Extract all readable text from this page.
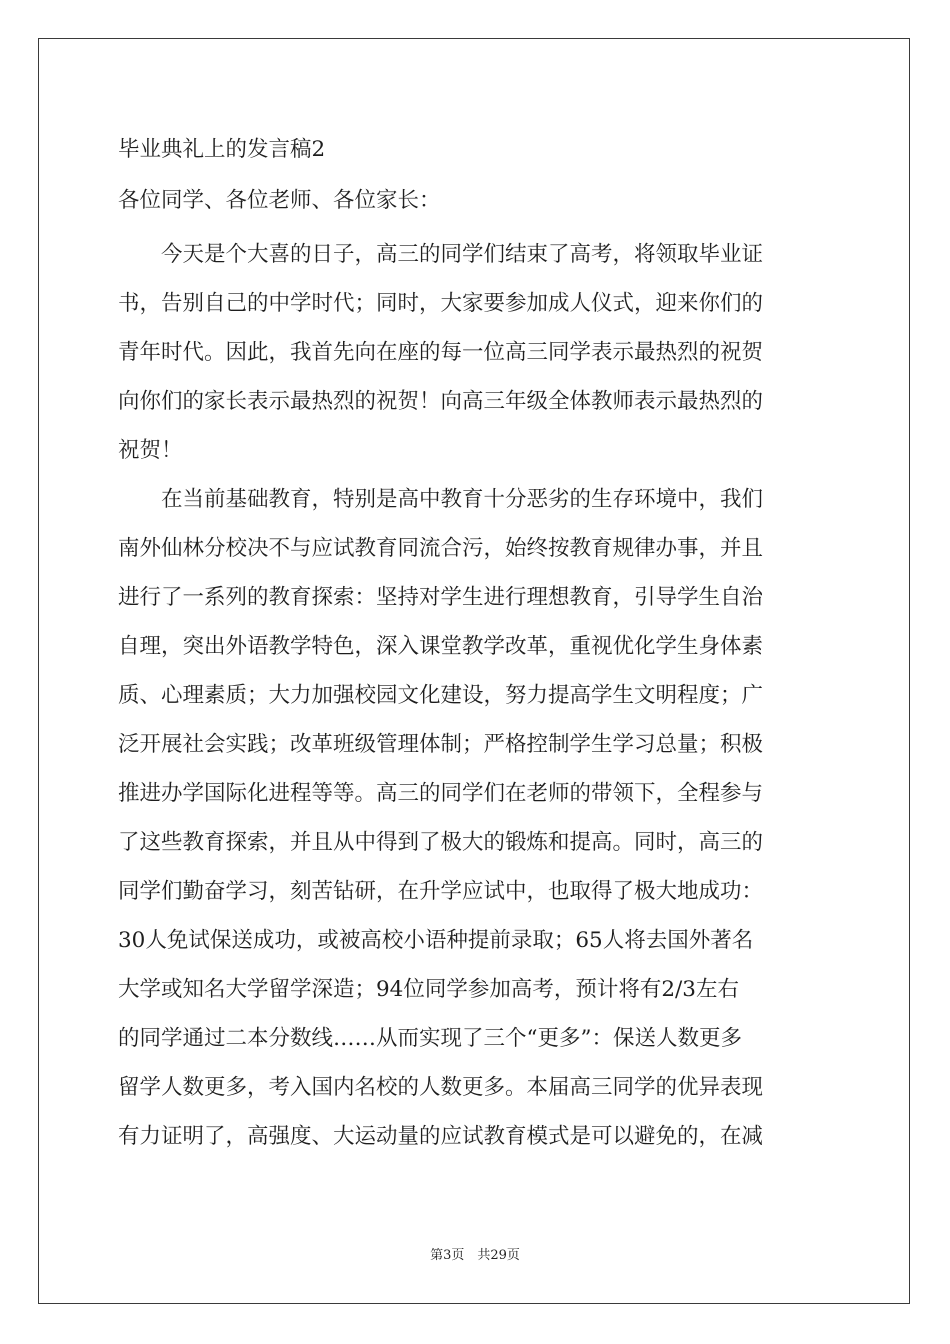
毕业典礼上的发言稿2
各位同学、各位老师、各位家长：
　　今天是个大喜的日子，高三的同学们结束了高考，将领取毕业证
书，告别自己的中学时代；同时，大家要参加成人仪式，迎来你们的
青年时代。因此，我首先向在座的每一位高三同学表示最热烈的祝贺
向你们的家长表示最热烈的祝贺！向高三年级全体教师表示最热烈的
祝贺！
　　在当前基础教育，特别是高中教育十分恶劣的生存环境中，我们
南外仙林分校决不与应试教育同流合污，始终按教育规律办事，并且
进行了一系列的教育探索：坚持对学生进行理想教育，引导学生自治
自理，突出外语教学特色，深入课堂教学改革，重视优化学生身体素
质、心理素质；大力加强校园文化建设，努力提高学生文明程度；广
泛开展社会实践；改革班级管理体制；严格控制学生学习总量；积极
推进办学国际化进程等等。高三的同学们在老师的带领下，全程参与
了这些教育探索，并且从中得到了极大的锻炼和提高。同时，高三的
同学们勤奋学习，刻苦钻研，在升学应试中，也取得了极大地成功：
30人免试保送成功，或被高校小语种提前录取；65人将去国外著名
大学或知名大学留学深造；94位同学参加高考，预计将有2/3左右
的同学通过二本分数线……从而实现了三个“更多”：保送人数更多
留学人数更多，考入国内名校的人数更多。本届高三同学的优异表现
有力证明了，高强度、大运动量的应试教育模式是可以避免的，在减
第3页　共29页
